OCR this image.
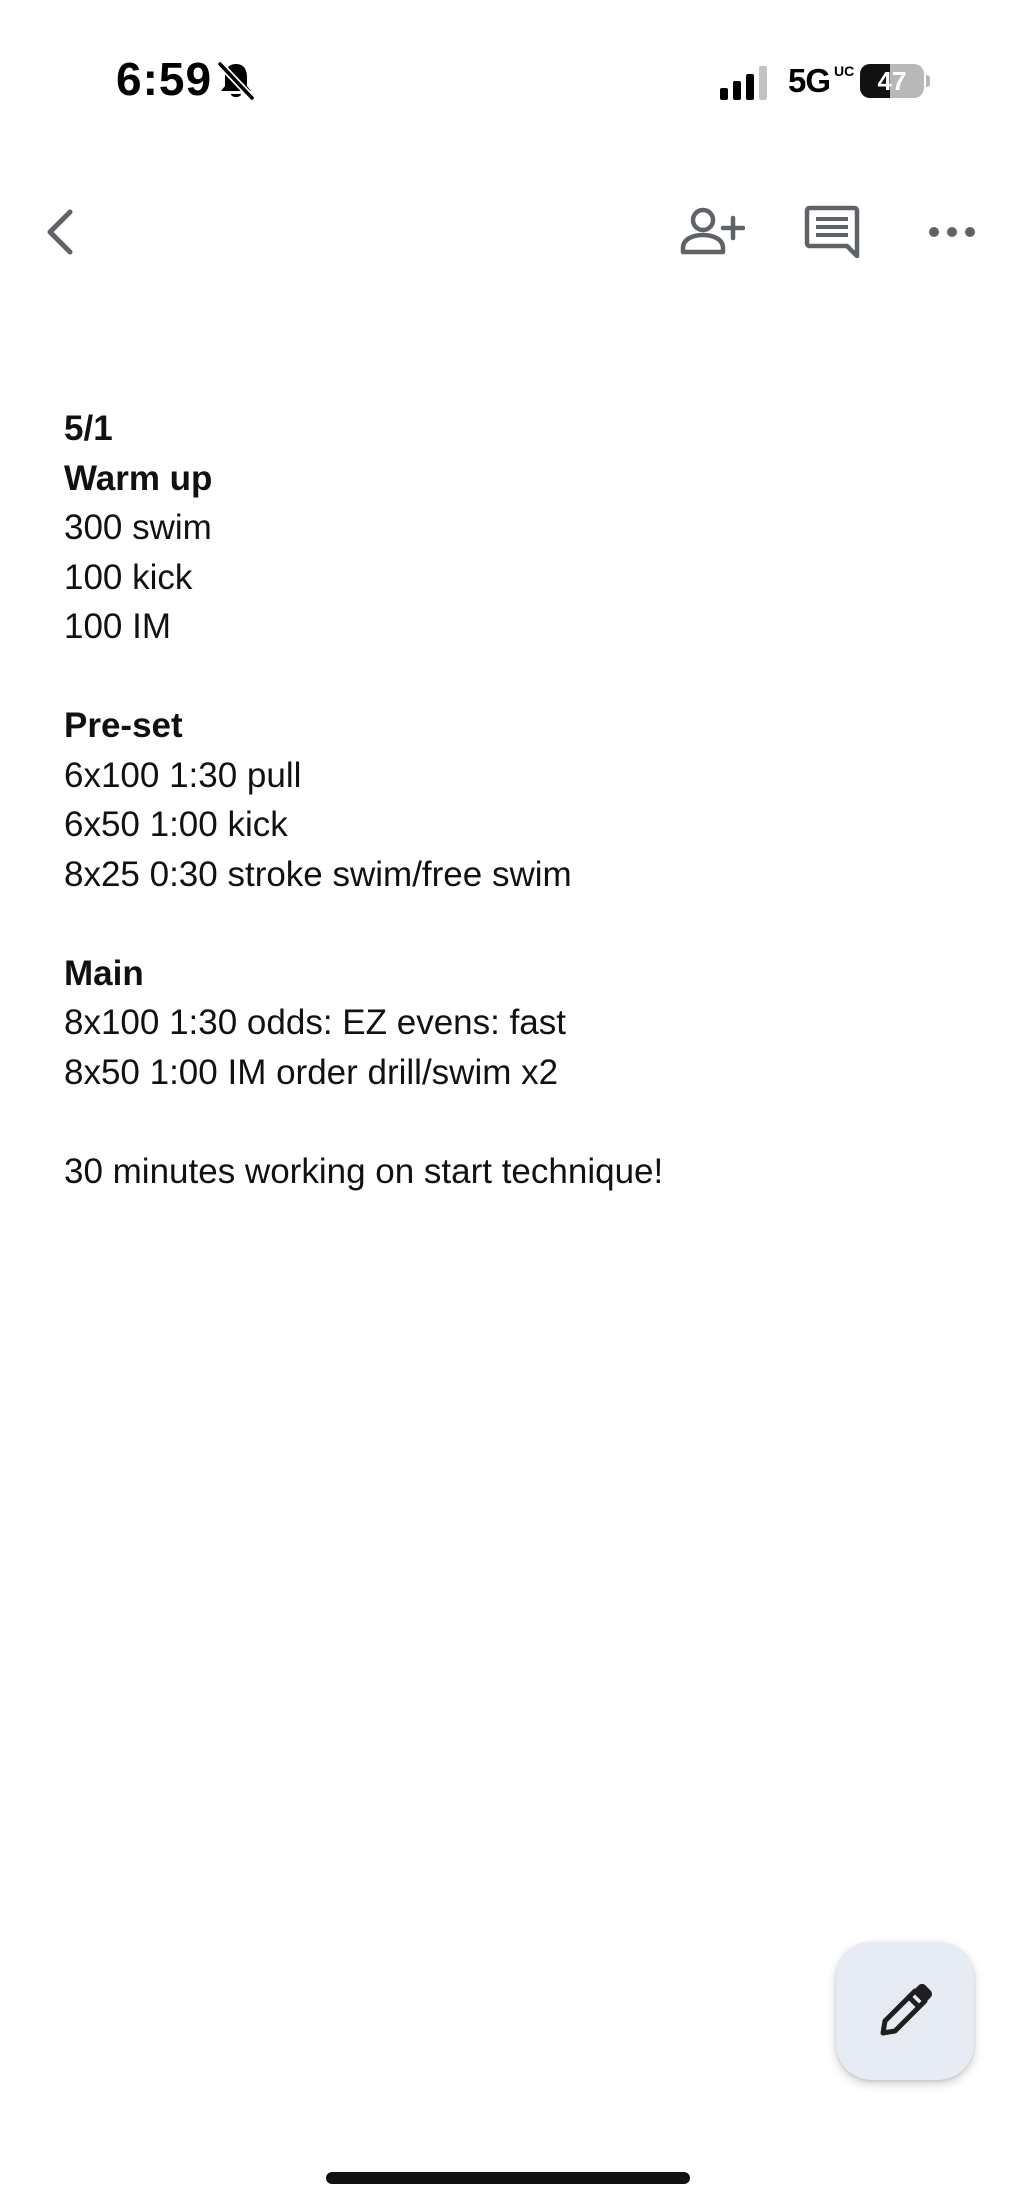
6:59	5G UC 47
5/1
Warm up
300 swim
100 kick
100 IM
Pre-set
6x100 1:30 pull
6x50 1:00 kick
8x25 0:30 stroke swim/free swim
Main
8x100 1:30 odds: EZ evens: fast
8x50 1:00 IM order drill/swim x2
30 minutes working on start technique!
